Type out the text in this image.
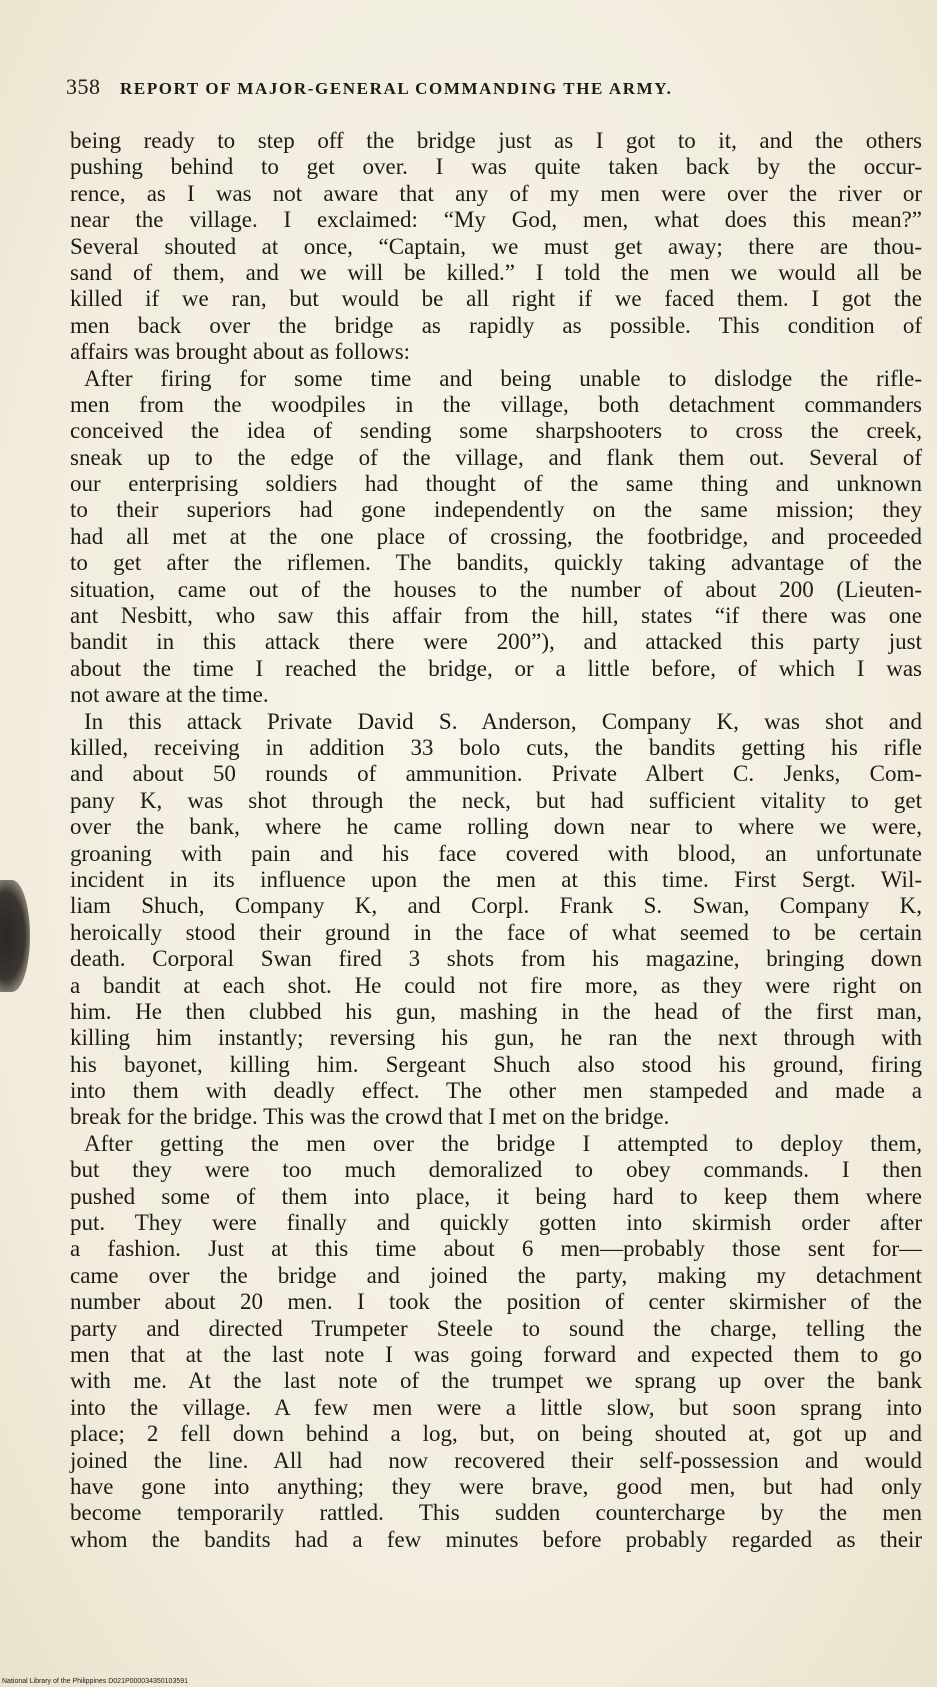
358 REPORT OF MAJOR-GENERAL COMMANDING THE ARMY.
being ready to step off the bridge just as I got to it, and the others
pushing behind to get over. I was quite taken back by the occur-
rence, as I was not aware that any of my men were over the river or
near the village. I exclaimed: “My God, men, what does this mean?”
Several shouted at once, “Captain, we must get away; there are thou-
sand of them, and we will be killed.” I told the men we would all be
killed if we ran, but would be all right if we faced them. I got the
men back over the bridge as rapidly as possible. This condition of
affairs was brought about as follows:
After firing for some time and being unable to dislodge the rifle-
men from the woodpiles in the village, both detachment commanders
conceived the idea of sending some sharpshooters to cross the creek,
sneak up to the edge of the village, and flank them out. Several of
our enterprising soldiers had thought of the same thing and unknown
to their superiors had gone independently on the same mission; they
had all met at the one place of crossing, the footbridge, and proceeded
to get after the riflemen. The bandits, quickly taking advantage of the
situation, came out of the houses to the number of about 200 (Lieuten-
ant Nesbitt, who saw this affair from the hill, states “if there was one
bandit in this attack there were 200”), and attacked this party just
about the time I reached the bridge, or a little before, of which I was
not aware at the time.
In this attack Private David S. Anderson, Company K, was shot and
killed, receiving in addition 33 bolo cuts, the bandits getting his rifle
and about 50 rounds of ammunition. Private Albert C. Jenks, Com-
pany K, was shot through the neck, but had sufficient vitality to get
over the bank, where he came rolling down near to where we were,
groaning with pain and his face covered with blood, an unfortunate
incident in its influence upon the men at this time. First Sergt. Wil-
liam Shuch, Company K, and Corpl. Frank S. Swan, Company K,
heroically stood their ground in the face of what seemed to be certain
death. Corporal Swan fired 3 shots from his magazine, bringing down
a bandit at each shot. He could not fire more, as they were right on
him. He then clubbed his gun, mashing in the head of the first man,
killing him instantly; reversing his gun, he ran the next through with
his bayonet, killing him. Sergeant Shuch also stood his ground, firing
into them with deadly effect. The other men stampeded and made a
break for the bridge. This was the crowd that I met on the bridge.
After getting the men over the bridge I attempted to deploy them,
but they were too much demoralized to obey commands. I then
pushed some of them into place, it being hard to keep them where
put. They were finally and quickly gotten into skirmish order after
a fashion. Just at this time about 6 men—probably those sent for—
came over the bridge and joined the party, making my detachment
number about 20 men. I took the position of center skirmisher of the
party and directed Trumpeter Steele to sound the charge, telling the
men that at the last note I was going forward and expected them to go
with me. At the last note of the trumpet we sprang up over the bank
into the village. A few men were a little slow, but soon sprang into
place; 2 fell down behind a log, but, on being shouted at, got up and
joined the line. All had now recovered their self-possession and would
have gone into anything; they were brave, good men, but had only
become temporarily rattled. This sudden countercharge by the men
whom the bandits had a few minutes before probably regarded as their
National Library of the Philippines D021P000034350103591
